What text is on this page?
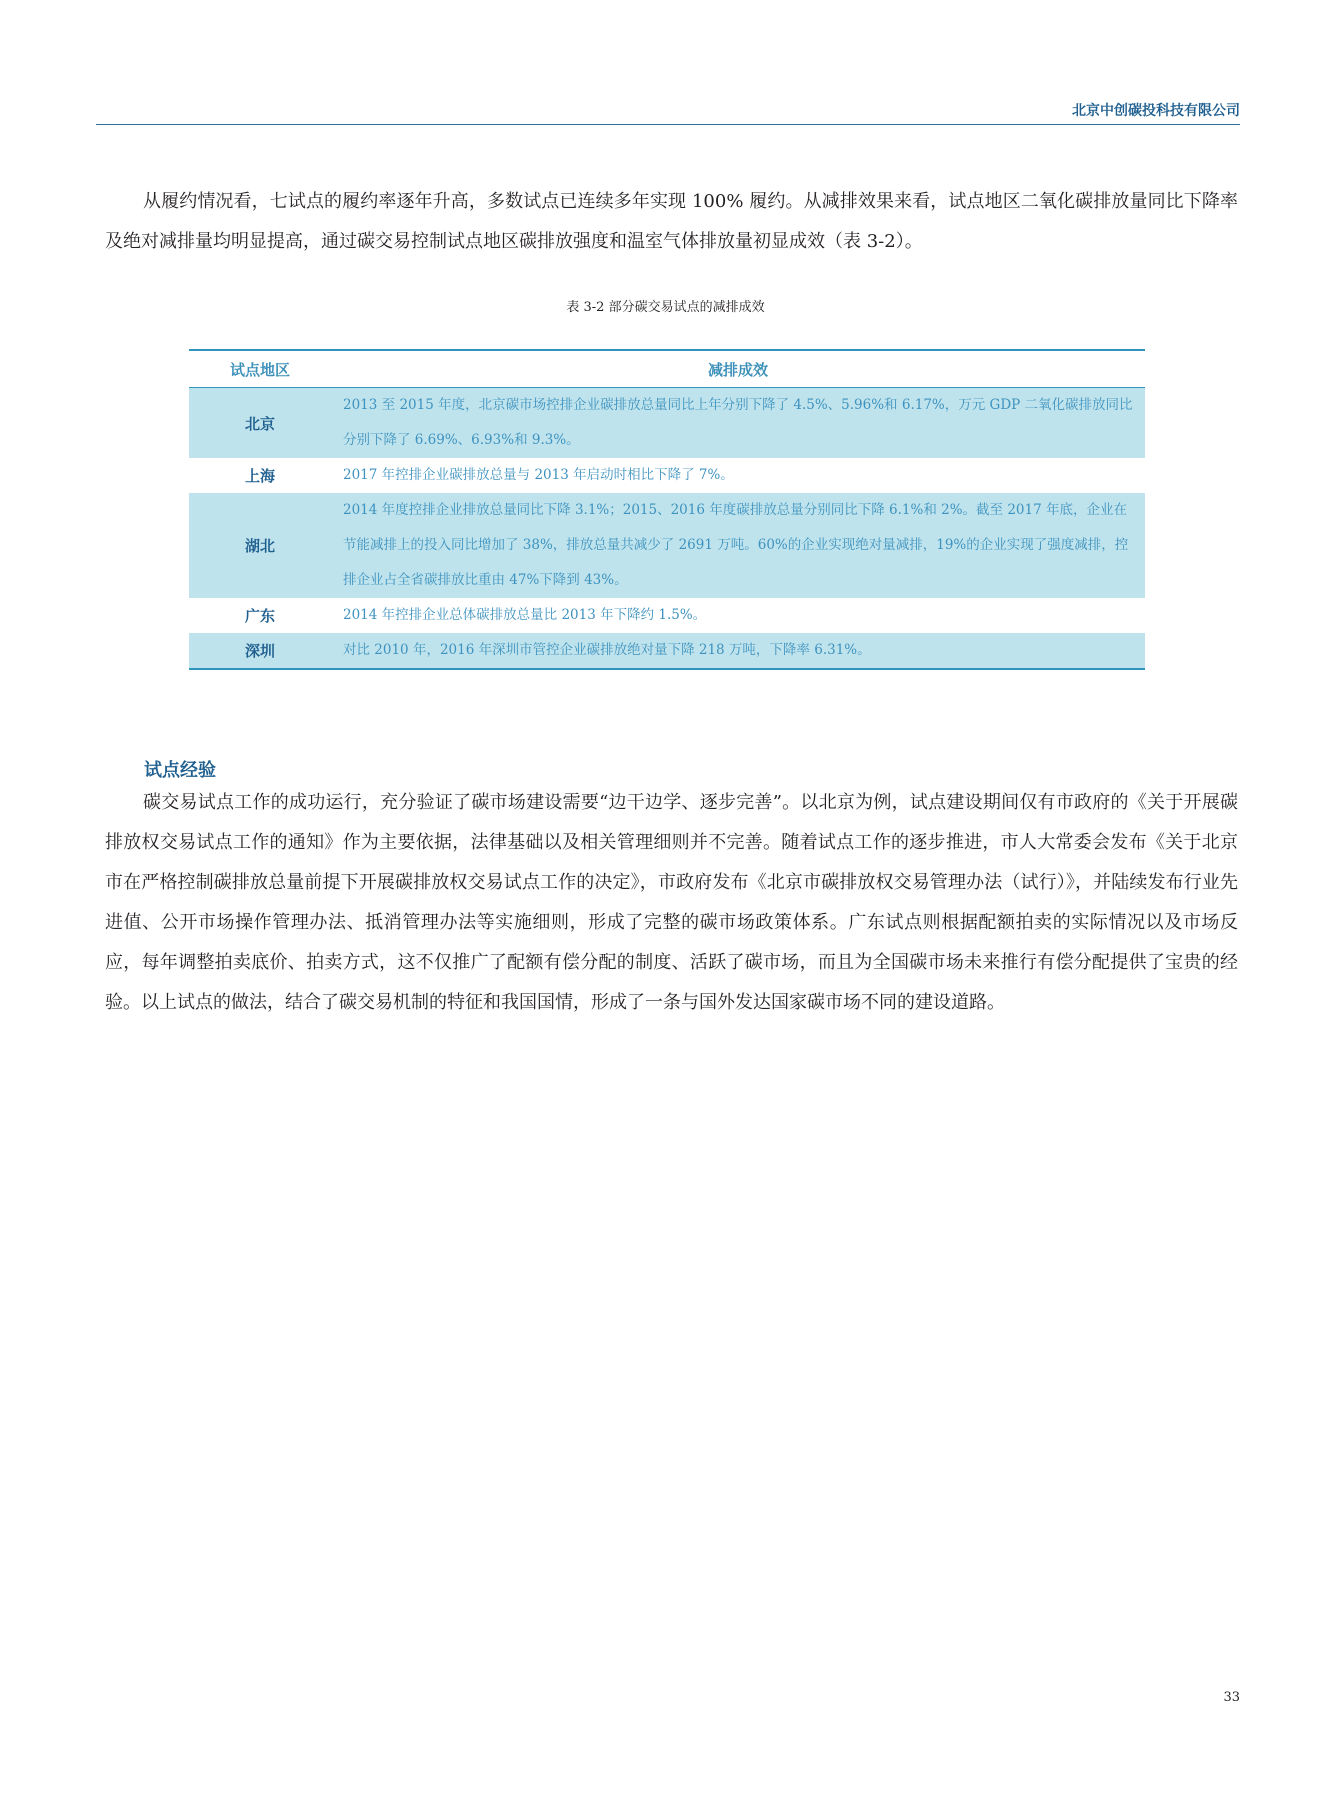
北京中创碳投科技有限公司

从履约情况看，七试点的履约率逐年升高，多数试点已连续多年实现 100% 履约。从减排效果来看，试点地区二氧化碳排放量同比下降率及绝对减排量均明显提高，通过碳交易控制试点地区碳排放强度和温室气体排放量初显成效（表 3-2）。

表 3-2 部分碳交易试点的减排成效
试点地区	减排成效
北京	2013 至 2015 年度，北京碳市场控排企业碳排放总量同比上年分别下降了 4.5%、5.96%和 6.17%，万元 GDP 二氧化碳排放同比分别下降了 6.69%、6.93%和 9.3%。
上海	2017 年控排企业碳排放总量与 2013 年启动时相比下降了 7%。
湖北	2014 年度控排企业排放总量同比下降 3.1%；2015、2016 年度碳排放总量分别同比下降 6.1%和 2%。截至 2017 年底，企业在节能减排上的投入同比增加了 38%，排放总量共减少了 2691 万吨。60%的企业实现绝对量减排，19%的企业实现了强度减排，控排企业占全省碳排放比重由 47%下降到 43%。
广东	2014 年控排企业总体碳排放总量比 2013 年下降约 1.5%。
深圳	对比 2010 年，2016 年深圳市管控企业碳排放绝对量下降 218 万吨，下降率 6.31%。
试点经验

碳交易试点工作的成功运行，充分验证了碳市场建设需要“边干边学、逐步完善”。以北京为例，试点建设期间仅有市政府的《关于开展碳排放权交易试点工作的通知》作为主要依据，法律基础以及相关管理细则并不完善。随着试点工作的逐步推进，市人大常委会发布《关于北京市在严格控制碳排放总量前提下开展碳排放权交易试点工作的决定》，市政府发布《北京市碳排放权交易管理办法（试行）》，并陆续发布行业先进值、公开市场操作管理办法、抵消管理办法等实施细则，形成了完整的碳市场政策体系。广东试点则根据配额拍卖的实际情况以及市场反应，每年调整拍卖底价、拍卖方式，这不仅推广了配额有偿分配的制度、活跃了碳市场，而且为全国碳市场未来推行有偿分配提供了宝贵的经验。以上试点的做法，结合了碳交易机制的特征和我国国情，形成了一条与国外发达国家碳市场不同的建设道路。

33
